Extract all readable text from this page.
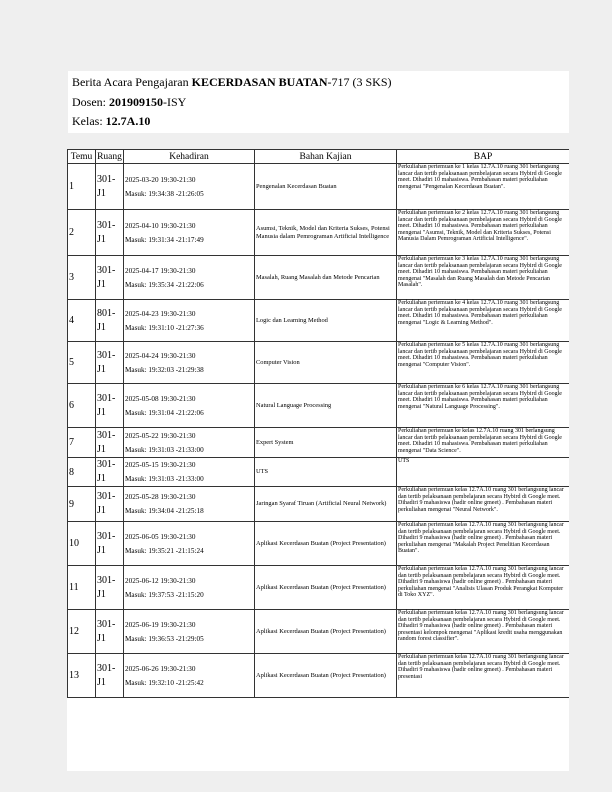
Berita Acara Pengajaran KECERDASAN BUATAN-717 (3 SKS)
Dosen: 201909150-ISY
Kelas: 12.7A.10
Temu	Ruang	Kehadiran	Bahan Kajian	BAP
1	301-J1	2025-03-20 19:30-21:30
Masuk: 19:34:38 -21:26:05	Pengenalan Kecerdasan Buatan	Perkuliahan pertemuan ke 1 kelas 12.7A.10 ruang 301 berlangsung lancar dan tertib pelaksanaan pembelajaran secara Hybird di Google meet. Dihadiri 10 mahasiswa. Pembahasan materi perkuliahan mengenai "Pengenalan Kecerdasan Buatan".
2	301-J1	2025-04-10 19:30-21:30
Masuk: 19:31:34 -21:17:49	Asumsi, Teknik, Model dan Kriteria Sukses, Potensi Manusia dalam Pemrograman Artificial Intelligence	Perkuliahan pertemuan ke 2 kelas 12.7A.10 ruang 301 berlangsung lancar dan tertib pelaksanaan pembelajaran secara Hybird di Google meet. Dihadiri 10 mahasiswa. Pembahasan materi perkuliahan mengenai "Asumsi, Teknik, Model dan Kriteria Sukses, Potensi Manusia Dalam Pemrograman Artificial Intelligence".
3	301-J1	2025-04-17 19:30-21:30
Masuk: 19:35:34 -21:22:06	Masalah, Ruang Masalah dan Metode Pencarian	Perkuliahan pertemuan ke 3 kelas 12.7A.10 ruang 301 berlangsung lancar dan tertib pelaksanaan pembelajaran secara Hybird di Google meet. Dihadiri 10 mahasiswa. Pembahasan materi perkuliahan mengenai "Masalah dan Ruang Masalah dan Metode Pencarian Masalah".
4	801-J1	2025-04-23 19:30-21:30
Masuk: 19:31:10 -21:27:36	Logic dan Learning Method	Perkuliahan pertemuan ke 4 kelas 12.7A.10 ruang 301 berlangsung lancar dan tertib pelaksanaan pembelajaran secara Hybird di Google meet. Dihadiri 10 mahasiswa. Pembahasan materi perkuliahan mengenai "Logic & Learning Method".
5	301-J1	2025-04-24 19:30-21:30
Masuk: 19:32:03 -21:29:38	Computer Vision	Perkuliahan pertemuan ke 5 kelas 12.7A.10 ruang 301 berlangsung lancar dan tertib pelaksanaan pembelajaran secara Hybird di Google meet. Dihadiri 10 mahasiswa. Pembahasan materi perkuliahan mengenai "Computer Vision".
6	301-J1	2025-05-08 19:30-21:30
Masuk: 19:31:04 -21:22:06	Natural Language Processing	Perkuliahan pertemuan ke 6 kelas 12.7A.10 ruang 301 berlangsung lancar dan tertib pelaksanaan pembelajaran secara Hybird di Google meet. Dihadiri 10 mahasiswa. Pembahasan materi perkuliahan mengenai "Natural Language Processing".
7	301-J1	2025-05-22 19:30-21:30
Masuk: 19:31:03 -21:33:00	Expert System	Perkuliahan pertemuan ke kelas 12.7A.10 ruang 301 berlangsung lancar dan tertib pelaksanaan pembelajaran secara Hybird di Google meet. Dihadiri 10 mahasiswa. Pembahasan materi perkuliahan mengenai "Data Science".
8	301-J1	2025-05-15 19:30-21:30
Masuk: 19:31:03 -21:33:00	UTS	UTS
9	301-J1	2025-05-28 19:30-21:30
Masuk: 19:34:04 -21:25:18	Jaringan Syaraf Tiruan (Artificial Neural Network)	Perkuliahan pertemuan kelas 12.7A.10 ruang 301 berlangsung lancar dan tertib pelaksanaan pembelajaran secara Hybird di Google meet. Dihadiri 9 mahasiswa (hadir online gmeet) . Pembahasan materi perkuliahan mengenai "Neural Network".
10	301-J1	2025-06-05 19:30-21:30
Masuk: 19:35:21 -21:15:24	Aplikasi Kecerdasan Buatan (Project Presentation)	Perkuliahan pertemuan kelas 12.7A.10 ruang 301 berlangsung lancar dan tertib pelaksanaan pembelajaran secara Hybird di Google meet. Dihadiri 9 mahasiswa (hadir online gmeet) . Pembahasan materi perkuliahan mengenai "Makalah Project Penelitian Kecerdasan Buatan".
11	301-J1	2025-06-12 19:30-21:30
Masuk: 19:37:53 -21:15:20	Aplikasi Kecerdasan Buatan (Project Presentation)	Perkuliahan pertemuan kelas 12.7A.10 ruang 301 berlangsung lancar dan tertib pelaksanaan pembelajaran secara Hybird di Google meet. Dihadiri 9 mahasiswa (hadir online gmeet) . Pembahasan materi perkuliahan mengenai "Analisis Ulasan Produk Perangkat Komputer di Toko XYZ".
12	301-J1	2025-06-19 19:30-21:30
Masuk: 19:36:53 -21:29:05	Aplikasi Kecerdasan Buatan (Project Presentation)	Perkuliahan pertemuan kelas 12.7A.10 ruang 301 berlangsung lancar dan tertib pelaksanaan pembelajaran secara Hybird di Google meet. Dihadiri 9 mahasiswa (hadir online gmeet) . Pembahasan materi presentasi kelompok mengenai "Aplikasi kredit usaha menggunakan random forest classifier".
13	301-J1	2025-06-26 19:30-21:30
Masuk: 19:32:10 -21:25:42	Aplikasi Kecerdasan Buatan (Project Presentation)	Perkuliahan pertemuan kelas 12.7A.10 ruang 301 berlangsung lancar dan tertib pelaksanaan pembelajaran secara Hybird di Google meet. Dihadiri 9 mahasiswa (hadir online gmeet) . Pembahasan materi presentasi
